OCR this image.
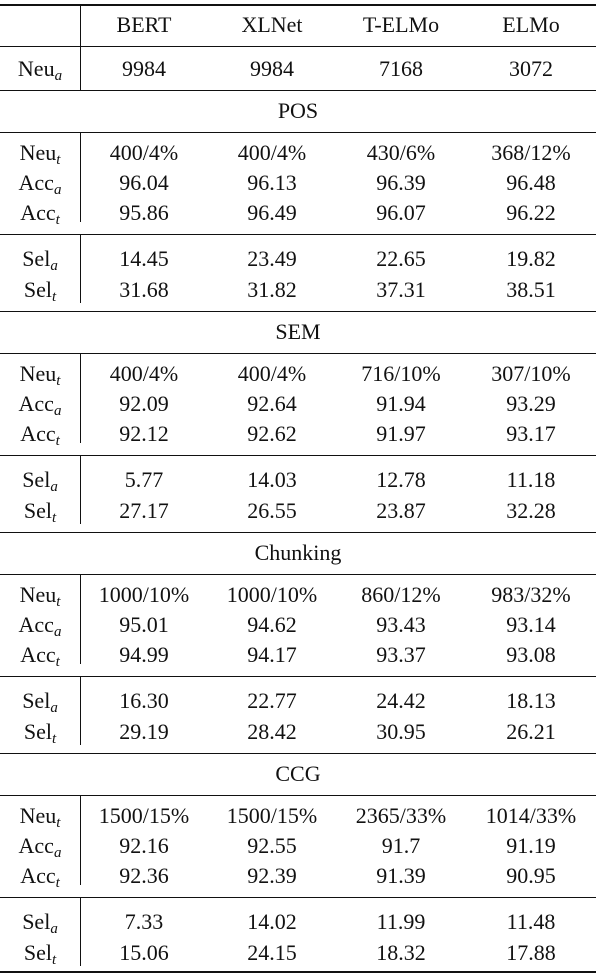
BERT	XLNet	T-ELMo	ELMo
Neu$_a$	9984	9984	7168	3072
POS
Neu$_t$	400/4%	400/4%	430/6%	368/12%
Acc$_a$	96.04	96.13	96.39	96.48
Acc$_t$	95.86	96.49	96.07	96.22
Sel$_a$	14.45	23.49	22.65	19.82
Sel$_t$	31.68	31.82	37.31	38.51
SEM
Neu$_t$	400/4%	400/4%	716/10%	307/10%
Acc$_a$	92.09	92.64	91.94	93.29
Acc$_t$	92.12	92.62	91.97	93.17
Sel$_a$	5.77	14.03	12.78	11.18
Sel$_t$	27.17	26.55	23.87	32.28
Chunking
Neu$_t$	1000/10%	1000/10%	860/12%	983/32%
Acc$_a$	95.01	94.62	93.43	93.14
Acc$_t$	94.99	94.17	93.37	93.08
Sel$_a$	16.30	22.77	24.42	18.13
Sel$_t$	29.19	28.42	30.95	26.21
CCG
Neu$_t$	1500/15%	1500/15%	2365/33%	1014/33%
Acc$_a$	92.16	92.55	91.7	91.19
Acc$_t$	92.36	92.39	91.39	90.95
Sel$_a$	7.33	14.02	11.99	11.48
Sel$_t$	15.06	24.15	18.32	17.88
